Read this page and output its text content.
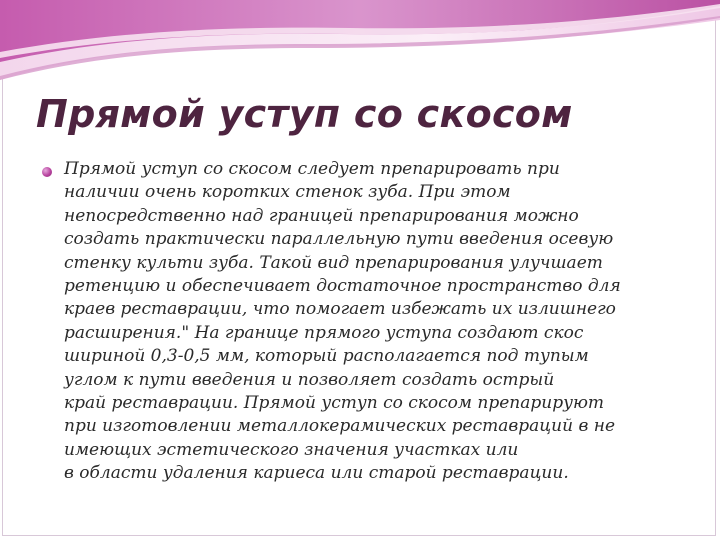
Прямой уступ со скосом
Прямой уступ со скосом следует препарировать при
наличии очень коротких стенок зуба. При этом
непосредственно над границей препарирования можно
создать практически параллельную пути введения осевую
стенку культи зуба. Такой вид препарирования улучшает
ретенцию и обеспечивает достаточное пространство для
краев реставрации, что помогает избежать их излишнего
расширения." На границе прямого уступа создают скос
шириной 0,3-0,5 мм, который располагается под тупым
углом к пути введения и позволяет создать острый
край реставрации. Прямой уступ со скосом препарируют
при изготовлении металлокерамических реставраций в не
имеющих эстетического значения участках или
в области удаления кариеса или старой реставрации.
